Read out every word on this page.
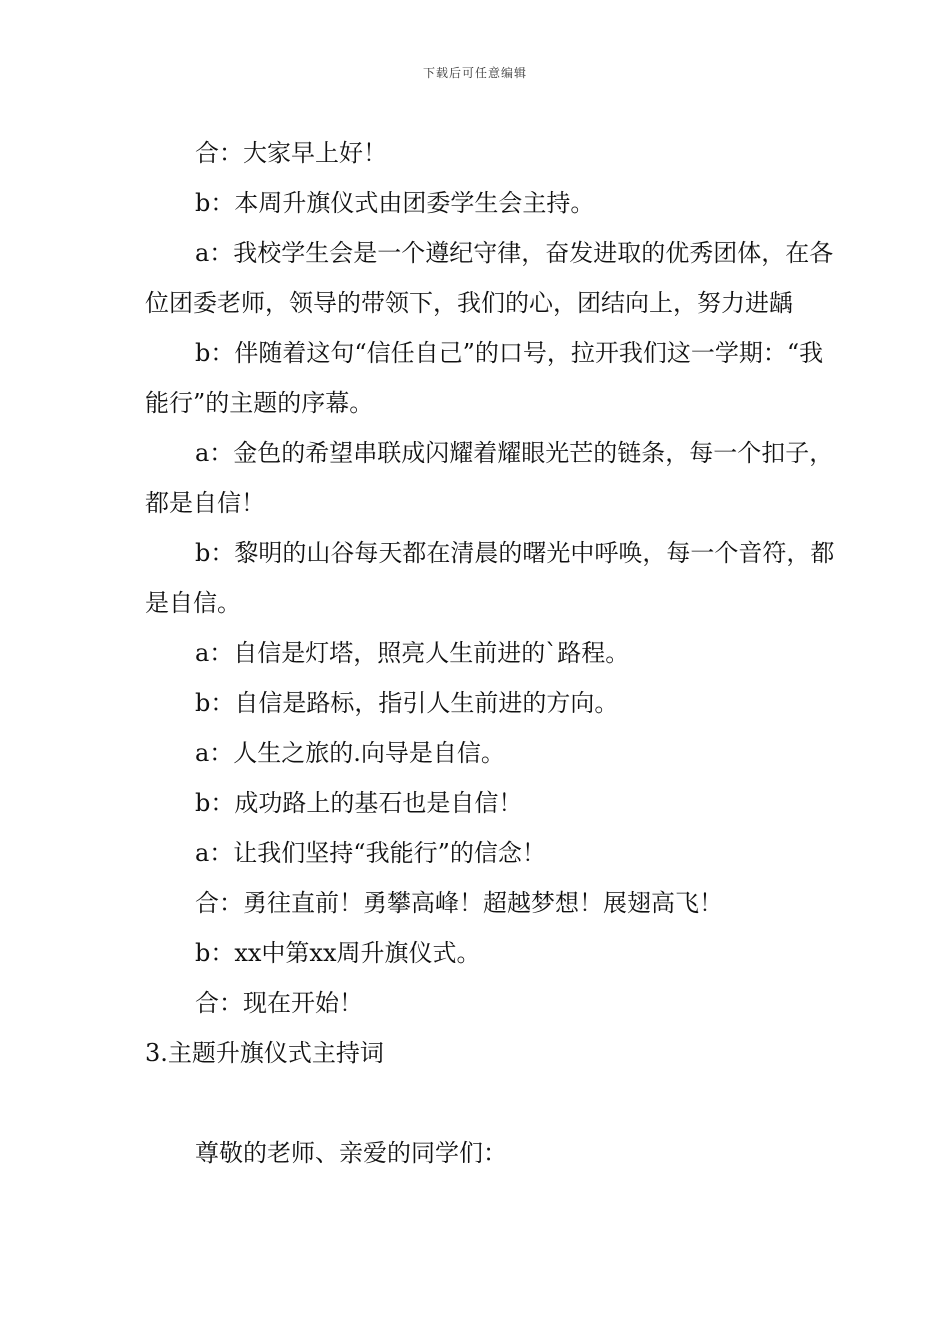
下载后可任意编辑

合：大家早上好！

b：本周升旗仪式由团委学生会主持。

a：我校学生会是一个遵纪守律，奋发进取的优秀团体，在各位团委老师，领导的带领下，我们的心，团结向上，努力进龋

b：伴随着这句“信任自己”的口号，拉开我们这一学期：“我能行”的主题的序幕。

a：金色的希望串联成闪耀着耀眼光芒的链条，每一个扣子，都是自信！

b：黎明的山谷每天都在清晨的曙光中呼唤，每一个音符，都是自信。

a：自信是灯塔，照亮人生前进的`路程。

b：自信是路标，指引人生前进的方向。

a：人生之旅的.向导是自信。

b：成功路上的基石也是自信！

a：让我们坚持“我能行”的信念！

合：勇往直前！勇攀高峰！超越梦想！展翅高飞！

b：xx中第xx周升旗仪式。

合：现在开始！

3.主题升旗仪式主持词

尊敬的老师、亲爱的同学们：
